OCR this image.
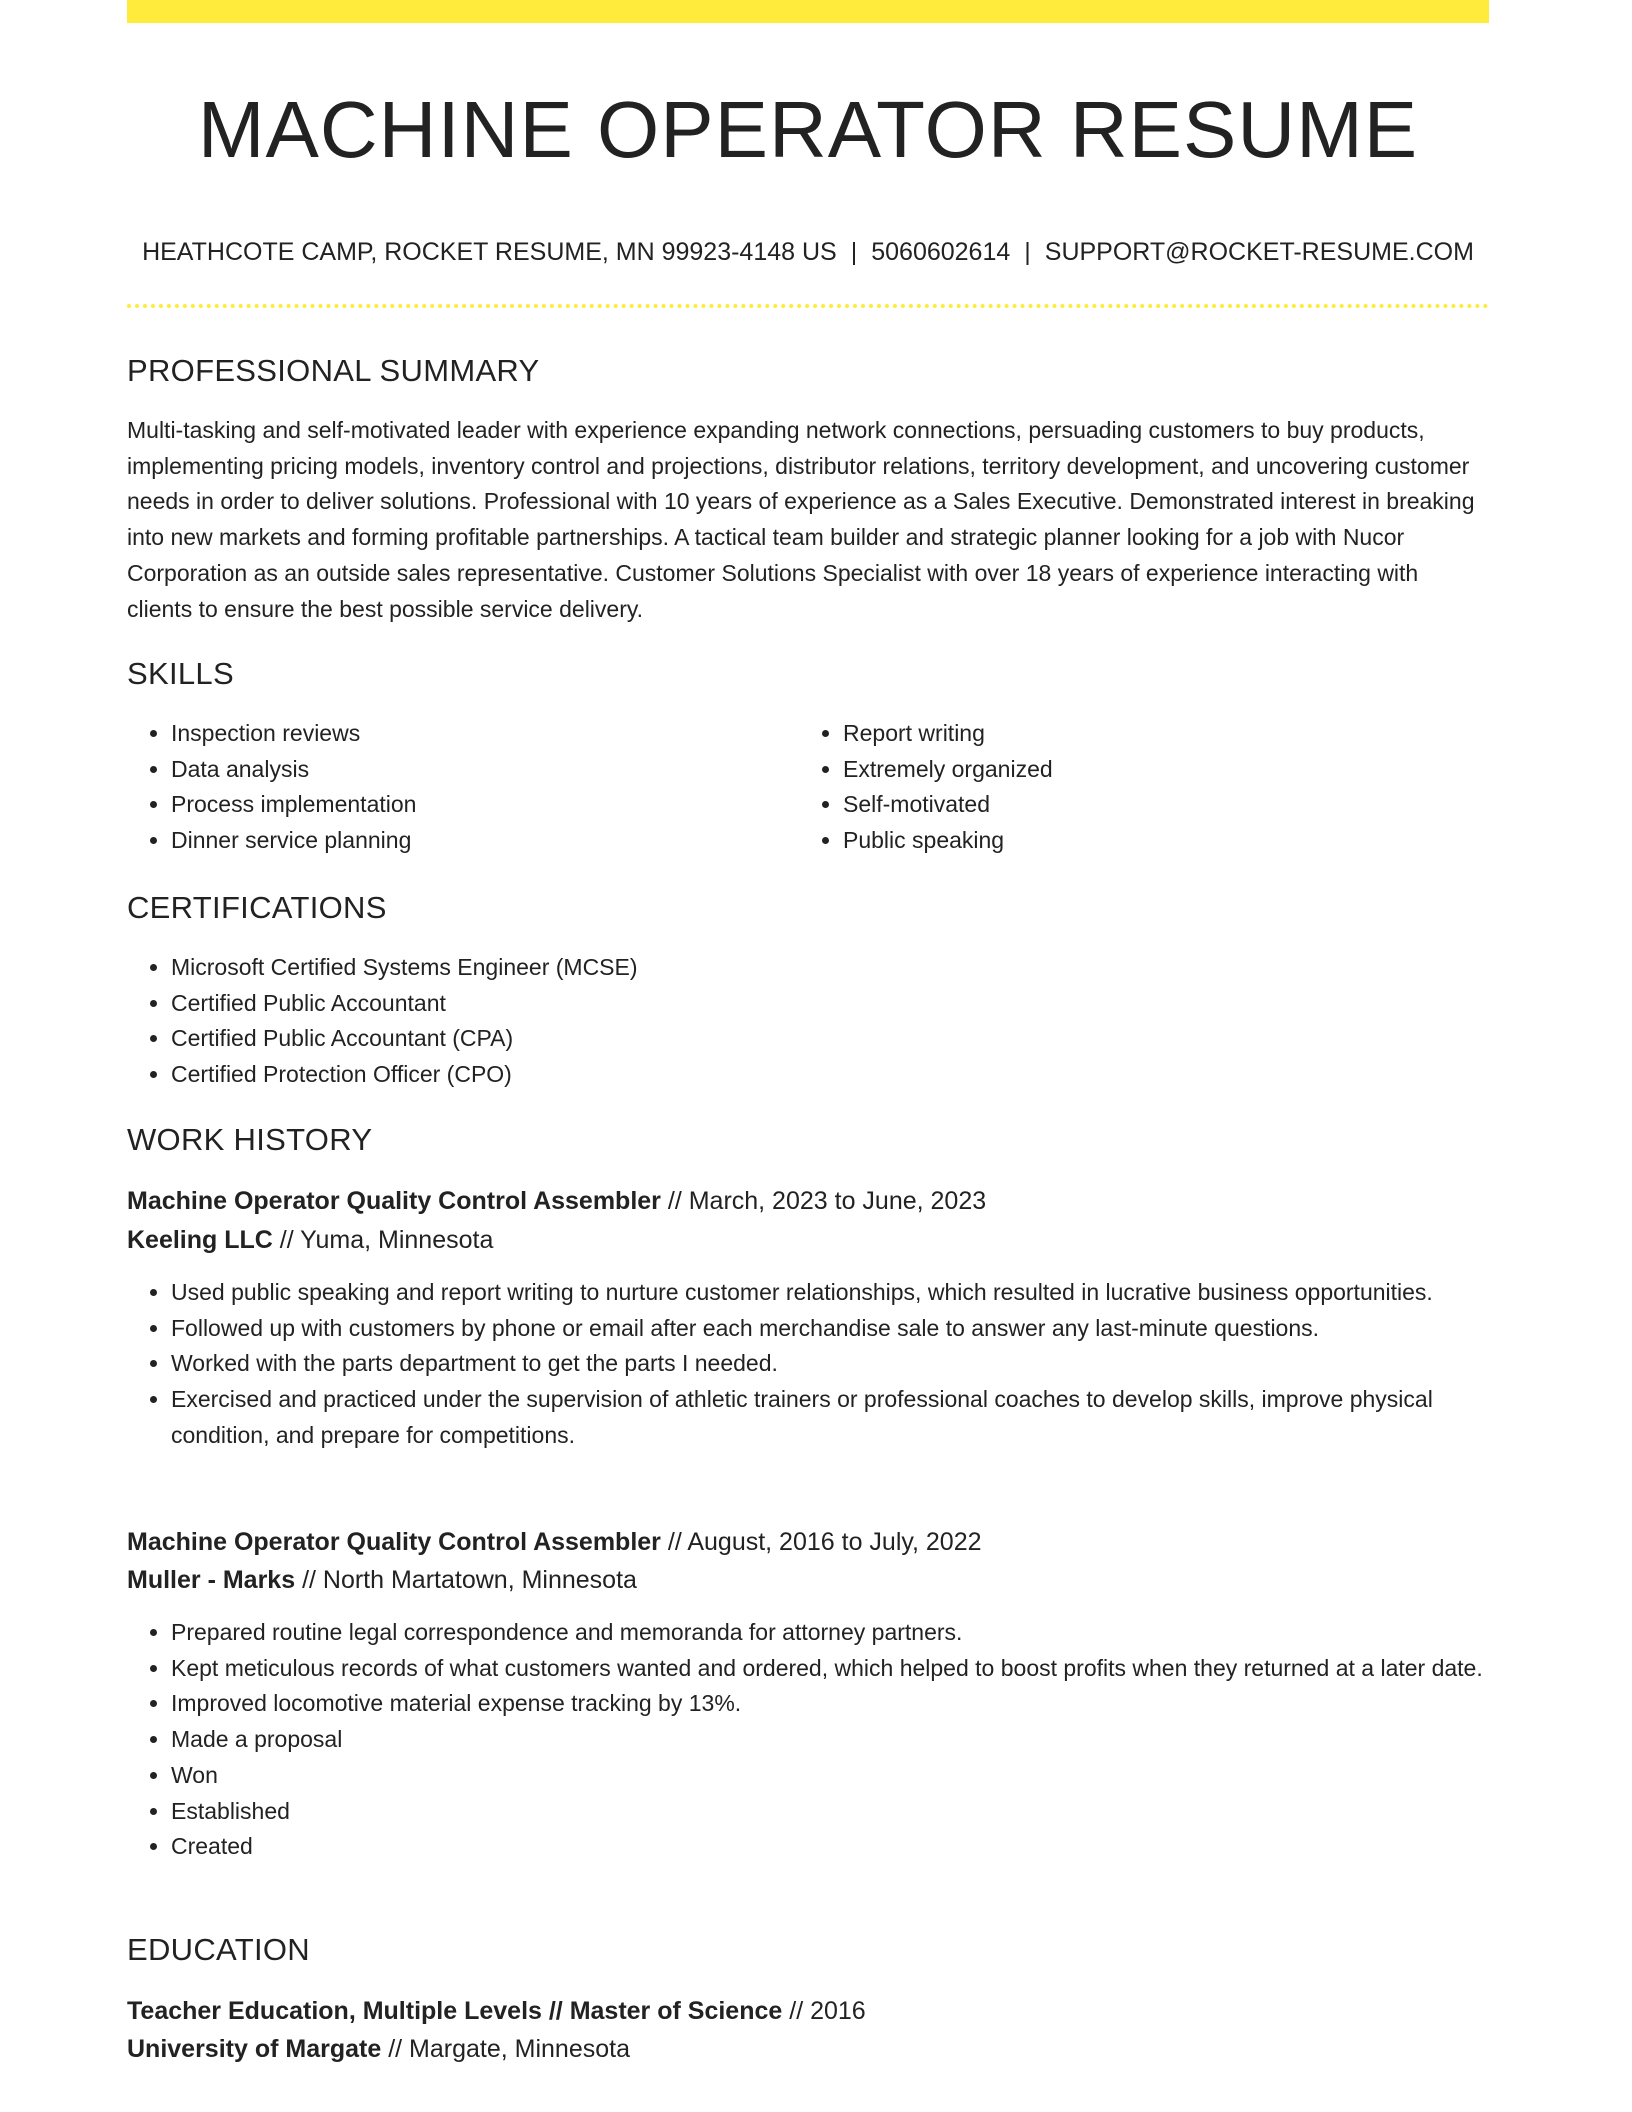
MACHINE OPERATOR RESUME
HEATHCOTE CAMP, ROCKET RESUME, MN 99923-4148 US | 5060602614 | SUPPORT@ROCKET-RESUME.COM
PROFESSIONAL SUMMARY
Multi-tasking and self-motivated leader with experience expanding network connections, persuading customers to buy products, implementing pricing models, inventory control and projections, distributor relations, territory development, and uncovering customer needs in order to deliver solutions. Professional with 10 years of experience as a Sales Executive. Demonstrated interest in breaking into new markets and forming profitable partnerships. A tactical team builder and strategic planner looking for a job with Nucor Corporation as an outside sales representative. Customer Solutions Specialist with over 18 years of experience interacting with clients to ensure the best possible service delivery.
SKILLS
• Inspection reviews
• Data analysis
• Process implementation
• Dinner service planning
• Report writing
• Extremely organized
• Self-motivated
• Public speaking
CERTIFICATIONS
• Microsoft Certified Systems Engineer (MCSE)
• Certified Public Accountant
• Certified Public Accountant (CPA)
• Certified Protection Officer (CPO)
WORK HISTORY
Machine Operator Quality Control Assembler // March, 2023 to June, 2023
Keeling LLC // Yuma, Minnesota
• Used public speaking and report writing to nurture customer relationships, which resulted in lucrative business opportunities.
• Followed up with customers by phone or email after each merchandise sale to answer any last-minute questions.
• Worked with the parts department to get the parts I needed.
• Exercised and practiced under the supervision of athletic trainers or professional coaches to develop skills, improve physical condition, and prepare for competitions.
Machine Operator Quality Control Assembler // August, 2016 to July, 2022
Muller - Marks // North Martatown, Minnesota
• Prepared routine legal correspondence and memoranda for attorney partners.
• Kept meticulous records of what customers wanted and ordered, which helped to boost profits when they returned at a later date.
• Improved locomotive material expense tracking by 13%.
• Made a proposal
• Won
• Established
• Created
EDUCATION
Teacher Education, Multiple Levels // Master of Science // 2016
University of Margate // Margate, Minnesota
